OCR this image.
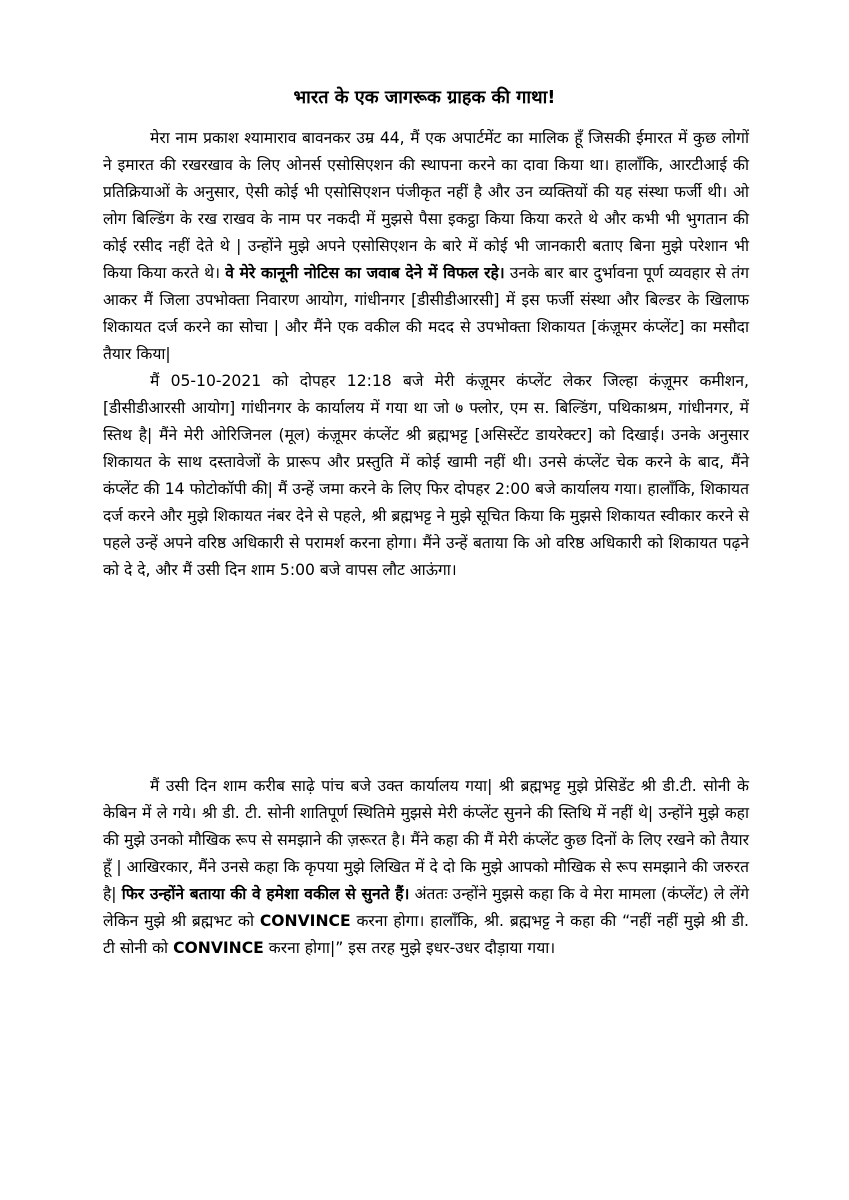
भारत के एक जागरूक ग्राहक की गाथा!

मेरा नाम प्रकाश श्यामाराव बावनकर उम्र 44, मैं एक अपार्टमेंट का मालिक हूँ जिसकी ईमारत में कुछ लोगों ने इमारत की रखरखाव के लिए ओनर्स एसोसिएशन की स्थापना करने का दावा किया था। हालाँकि, आरटीआई की प्रतिक्रियाओं के अनुसार, ऐसी कोई भी एसोसिएशन पंजीकृत नहीं है और उन व्यक्तियों की यह संस्था फर्जी थी। ओ लोग बिल्डिंग के रख राखव के नाम पर नकदी में मुझसे पैसा इकट्ठा किया किया करते थे और कभी भी भुगतान की कोई रसीद नहीं देते थे | उन्होंने मुझे अपने एसोसिएशन के बारे में कोई भी जानकारी बताए बिना मुझे परेशान भी किया किया करते थे। वे मेरे कानूनी नोटिस का जवाब देने में विफल रहे। उनके बार बार दुर्भावना पूर्ण व्यवहार से तंग आकर मैं जिला उपभोक्ता निवारण आयोग, गांधीनगर [डीसीडीआरसी] में इस फर्जी संस्था और बिल्डर के खिलाफ शिकायत दर्ज करने का सोचा | और मैंने एक वकील की मदद से उपभोक्ता शिकायत [कंज़ूमर कंप्लेंट] का मसौदा तैयार किया|

मैं 05-10-2021 को दोपहर 12:18 बजे मेरी कंज़ूमर कंप्लेंट लेकर जिल्हा कंज़ूमर कमीशन, [डीसीडीआरसी आयोग] गांधीनगर के कार्यालय में गया था जो ७ फ्लोर, एम स. बिल्डिंग, पथिकाश्रम, गांधीनगर, में स्तिथ है| मैंने मेरी ओरिजिनल (मूल) कंज़ूमर कंप्लेंट श्री ब्रह्मभट्ट [असिस्टेंट डायरेक्टर] को दिखाई। उनके अनुसार शिकायत के साथ दस्तावेजों के प्रारूप और प्रस्तुति में कोई खामी नहीं थी। उनसे कंप्लेंट चेक करने के बाद, मैंने कंप्लेंट की 14 फोटोकॉपी की| मैं उन्हें जमा करने के लिए फिर दोपहर 2:00 बजे कार्यालय गया। हालाँकि, शिकायत दर्ज करने और मुझे शिकायत नंबर देने से पहले, श्री ब्रह्मभट्ट ने मुझे सूचित किया कि मुझसे शिकायत स्वीकार करने से पहले उन्हें अपने वरिष्ठ अधिकारी से परामर्श करना होगा। मैंने उन्हें बताया कि ओ वरिष्ठ अधिकारी को शिकायत पढ़ने को दे दे, और मैं उसी दिन शाम 5:00 बजे वापस लौट आऊंगा।

मैं उसी दिन शाम करीब साढ़े पांच बजे उक्त कार्यालय गया| श्री ब्रह्मभट्ट मुझे प्रेसिडेंट श्री डी.टी. सोनी के केबिन में ले गये। श्री डी. टी. सोनी शातिपूर्ण स्थितिमे मुझसे मेरी कंप्लेंट सुनने की स्तिथि में नहीं थे| उन्होंने मुझे कहा की मुझे उनको मौखिक रूप से समझाने की ज़रूरत है। मैंने कहा की मैं मेरी कंप्लेंट कुछ दिनों के लिए रखने को तैयार हूँ | आखिरकार, मैंने उनसे कहा कि कृपया मुझे लिखित में दे दो कि मुझे आपको मौखिक से रूप समझाने की जरुरत है| फिर उन्होंने बताया की वे हमेशा वकील से सुनते हैं। अंततः उन्होंने मुझसे कहा कि वे मेरा मामला (कंप्लेंट) ले लेंगे लेकिन मुझे श्री ब्रह्मभट को CONVINCE करना होगा। हालाँकि, श्री. ब्रह्मभट्ट ने कहा की “नहीं नहीं मुझे श्री डी. टी सोनी को CONVINCE करना होगा|” इस तरह मुझे इधर-उधर दौड़ाया गया।
